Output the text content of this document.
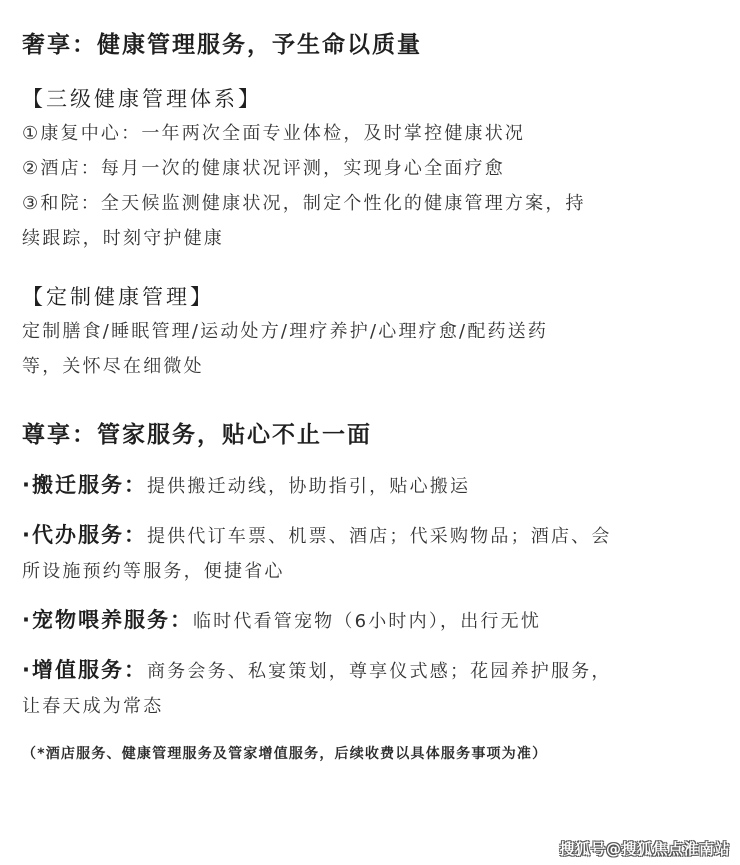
奢享：健康管理服务，予生命以质量
【三级健康管理体系】

①康复中心：一年两次全面专业体检，及时掌控健康状况

②酒店：每月一次的健康状况评测，实现身心全面疗愈

③和院：全天候监测健康状况，制定个性化的健康管理方案，持

续跟踪，时刻守护健康

【定制健康管理】

定制膳食/睡眠管理/运动处方/理疗养护/心理疗愈/配药送药

等，关怀尽在细微处

尊享：管家服务，贴心不止一面

·搬迁服务：提供搬迁动线，协助指引，贴心搬运

·代办服务：提供代订车票、机票、酒店；代采购物品；酒店、会

所设施预约等服务，便捷省心

·宠物喂养服务：临时代看管宠物（6小时内），出行无忧

·增值服务：商务会务、私宴策划，尊享仪式感；花园养护服务，

让春天成为常态

（*酒店服务、健康管理服务及管家增值服务，后续收费以具体服务事项为准）
搜狐号@搜狐焦点淮南站
